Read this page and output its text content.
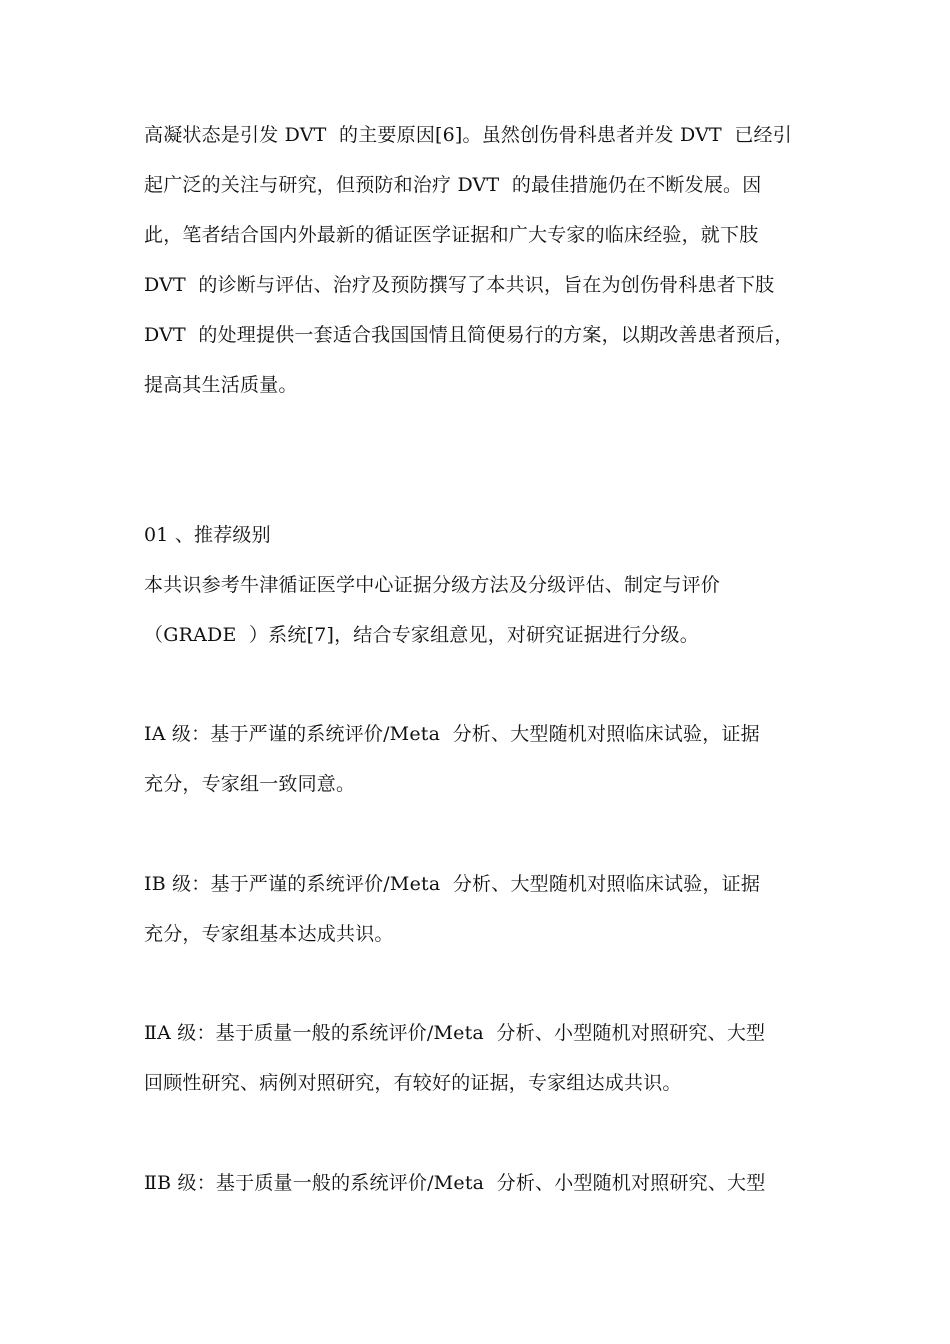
高凝状态是引发 DVT  的主要原因[6]。虽然创伤骨科患者并发 DVT  已经引
起广泛的关注与研究，但预防和治疗 DVT  的最佳措施仍在不断发展。因
此，笔者结合国内外最新的循证医学证据和广大专家的临床经验，就下肢
DVT  的诊断与评估、治疗及预防撰写了本共识，旨在为创伤骨科患者下肢
DVT  的处理提供一套适合我国国情且简便易行的方案，以期改善患者预后，
提高其生活质量。
01 、推荐级别
本共识参考牛津循证医学中心证据分级方法及分级评估、制定与评价
（GRADE  ）系统[7]，结合专家组意见，对研究证据进行分级。
ⅠA 级：基于严谨的系统评价/Meta  分析、大型随机对照临床试验，证据
充分，专家组一致同意。
ⅠB 级：基于严谨的系统评价/Meta  分析、大型随机对照临床试验，证据
充分，专家组基本达成共识。
ⅡA 级：基于质量一般的系统评价/Meta  分析、小型随机对照研究、大型
回顾性研究、病例对照研究，有较好的证据，专家组达成共识。
ⅡB 级：基于质量一般的系统评价/Meta  分析、小型随机对照研究、大型
